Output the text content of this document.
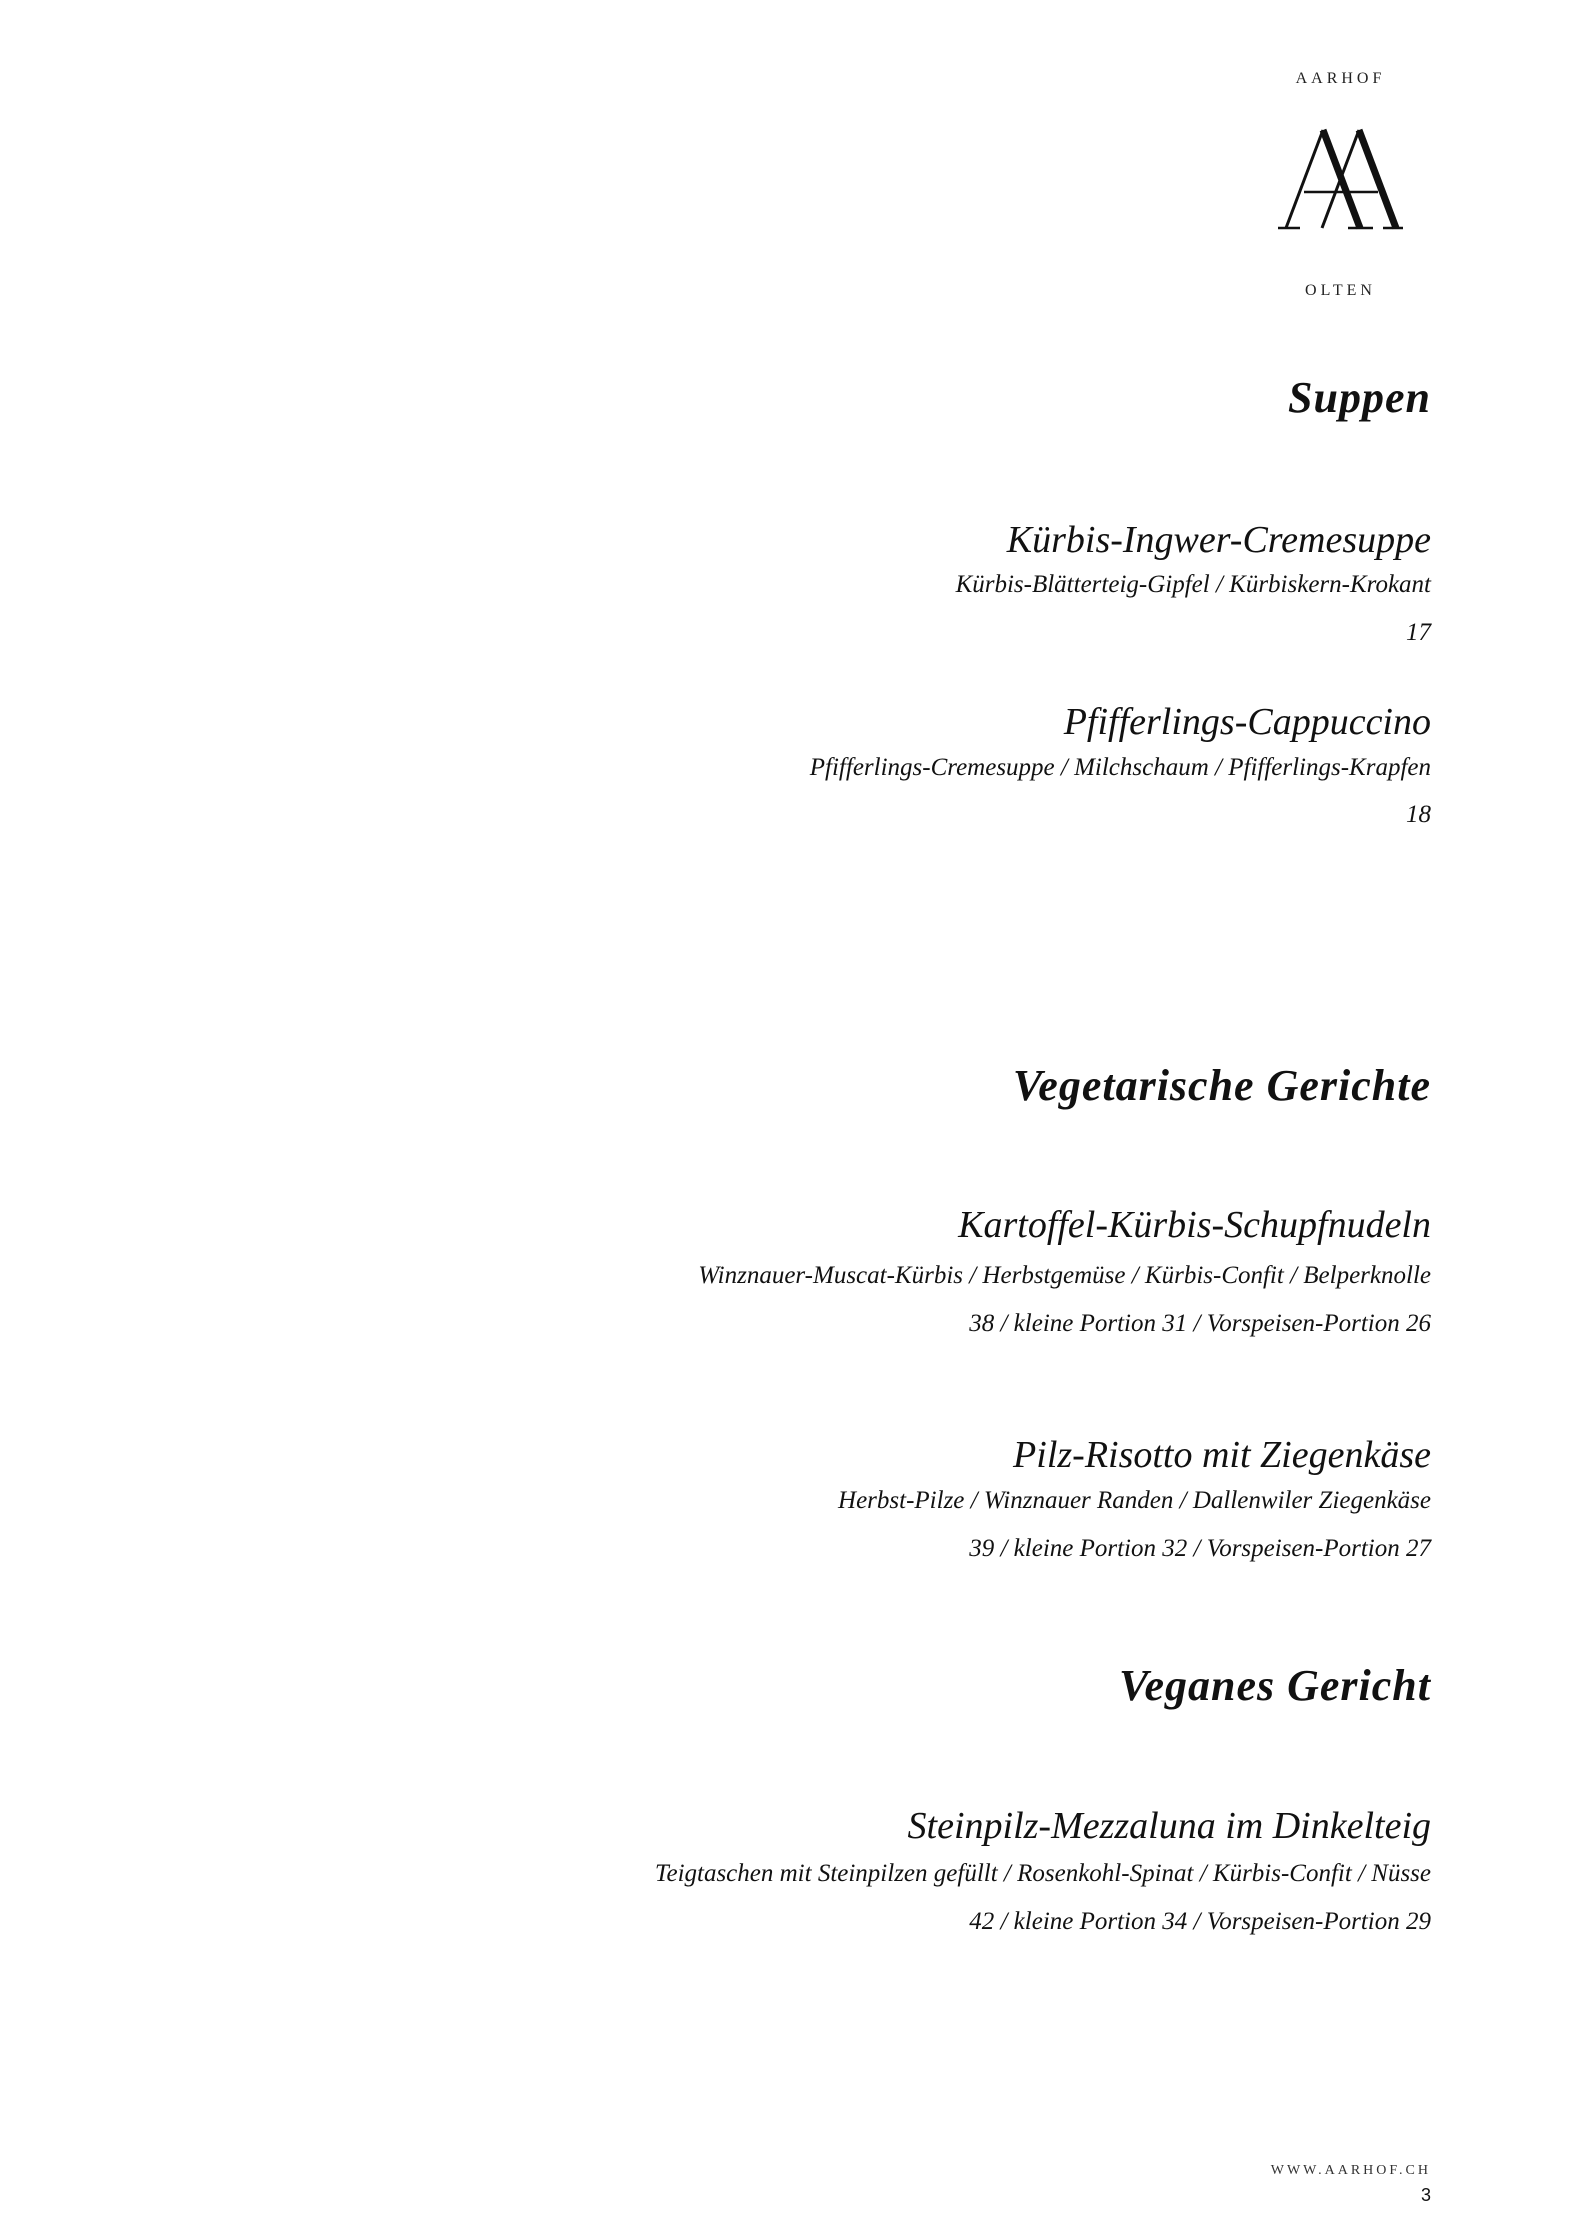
AARHOF
OLTEN
Suppen
Kürbis-Ingwer-Cremesuppe
Kürbis-Blätterteig-Gipfel / Kürbiskern-Krokant
17
Pfifferlings-Cappuccino
Pfifferlings-Cremesuppe / Milchschaum / Pfifferlings-Krapfen
18
Vegetarische Gerichte
Kartoffel-Kürbis-Schupfnudeln
Winznauer-Muscat-Kürbis / Herbstgemüse / Kürbis-Confit / Belperknolle
38 / kleine Portion 31 / Vorspeisen-Portion 26
Pilz-Risotto mit Ziegenkäse
Herbst-Pilze / Winznauer Randen / Dallenwiler Ziegenkäse
39 / kleine Portion 32 / Vorspeisen-Portion 27
Veganes Gericht
Steinpilz-Mezzaluna im Dinkelteig
Teigtaschen mit Steinpilzen gefüllt / Rosenkohl-Spinat / Kürbis-Confit / Nüsse
42 / kleine Portion 34 / Vorspeisen-Portion 29
WWW.AARHOF.CH
3
